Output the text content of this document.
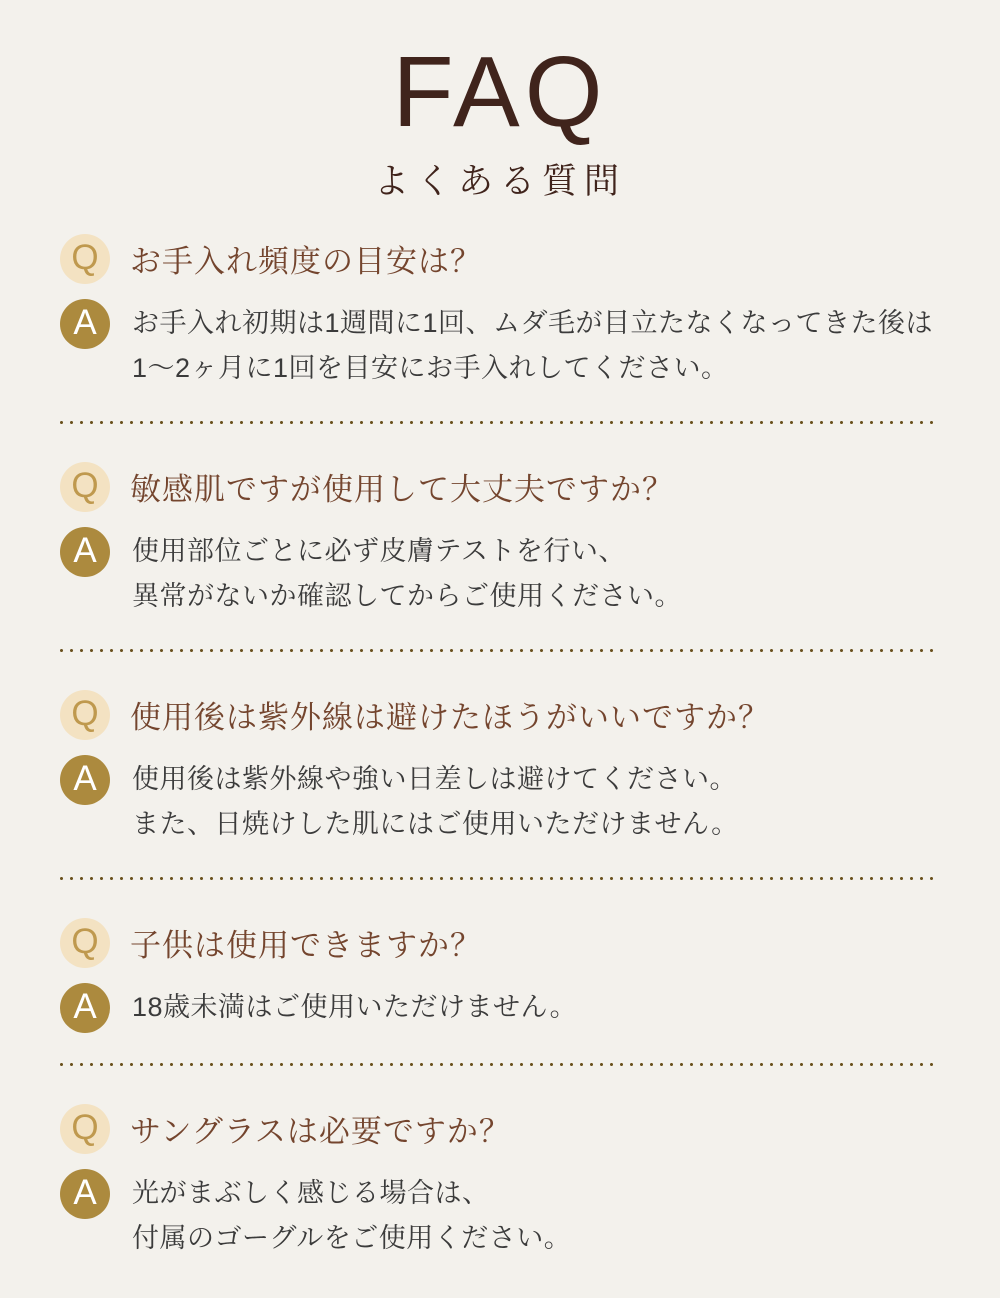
FAQ
よくある質問
Q	お手入れ頻度の目安は？
A	お手入れ初期は1週間に1回、ムダ毛が目立たなくなってきた後は
1〜2ヶ月に1回を目安にお手入れしてください。
Q	敏感肌ですが使用して大丈夫ですか？
A	使用部位ごとに必ず皮膚テストを行い、
異常がないか確認してからご使用ください。
Q	使用後は紫外線は避けたほうがいいですか？
A	使用後は紫外線や強い日差しは避けてください。
また、日焼けした肌にはご使用いただけません。
Q	子供は使用できますか？
A	18歳未満はご使用いただけません。
Q	サングラスは必要ですか？
A	光がまぶしく感じる場合は、
付属のゴーグルをご使用ください。
